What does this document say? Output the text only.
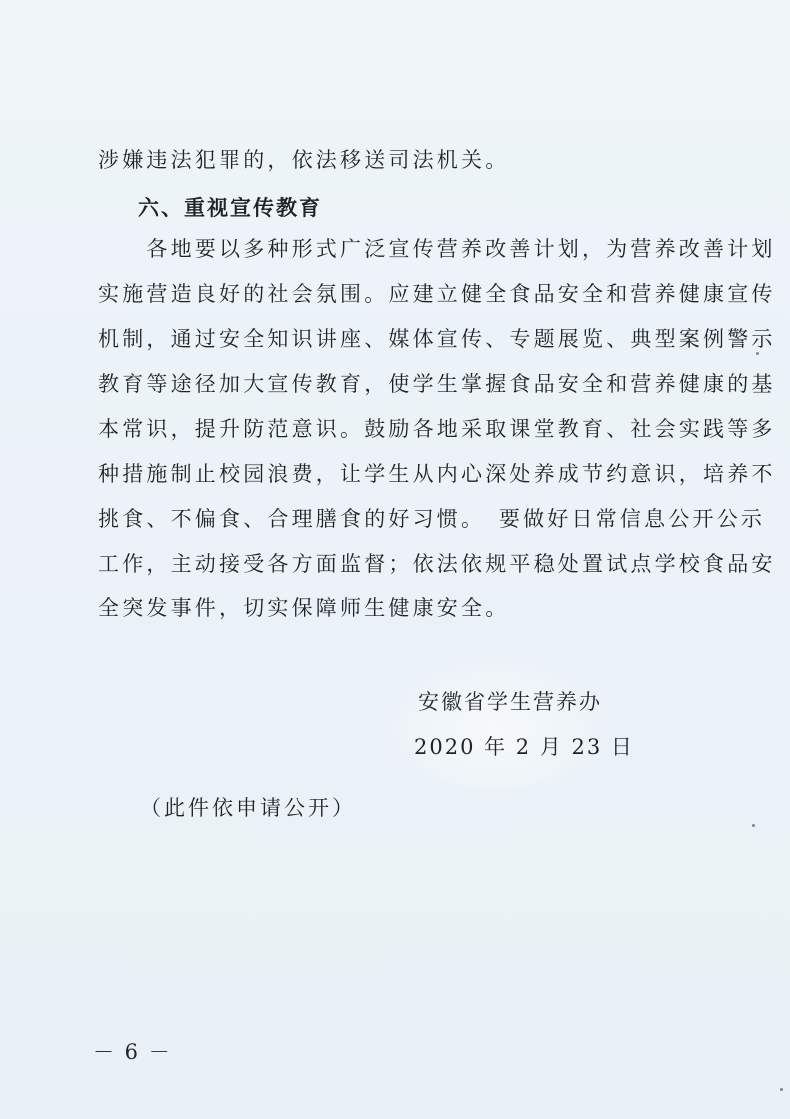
涉嫌违法犯罪的，依法移送司法机关。
六、重视宣传教育
　　各地要以多种形式广泛宣传营养改善计划，为营养改善计划
实施营造良好的社会氛围。应建立健全食品安全和营养健康宣传
机制，通过安全知识讲座、媒体宣传、专题展览、典型案例警示
教育等途径加大宣传教育，使学生掌握食品安全和营养健康的基
本常识，提升防范意识。鼓励各地采取课堂教育、社会实践等多
种措施制止校园浪费，让学生从内心深处养成节约意识，培养不
挑食、不偏食、合理膳食的好习惯。　要做好日常信息公开公示
工作，主动接受各方面监督；依法依规平稳处置试点学校食品安
全突发事件，切实保障师生健康安全。
安徽省学生营养办
2020 年 2 月 23 日
（此件依申请公开）
－ 6 －
